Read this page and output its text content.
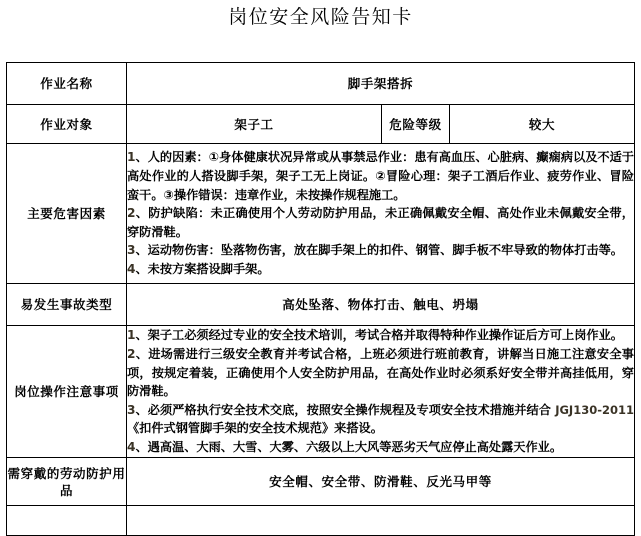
岗位安全风险告知卡
作业名称	脚手架搭拆		
作业对象	架子工	危险等级	较大
主要危害因素	1、人的因素：①身体健康状况异常或从事禁忌作业：患有高血压、心脏病、癫痫病以及不适于高处作业的人搭设脚手架，架子工无上岗证。②冒险心理：架子工酒后作业、疲劳作业、冒险蛮干。③操作错误：违章作业，未按操作规程施工。

2、防护缺陷：未正确使用个人劳动防护用品，未正确佩戴安全帽、高处作业未佩戴安全带，穿防滑鞋。

3、运动物伤害：坠落物伤害，放在脚手架上的扣件、钢管、脚手板不牢导致的物体打击等。

4、未按方案搭设脚手架。		

易发生事故类型	高处坠落、物体打击、触电、坍塌		
岗位操作注意事项	1、架子工必须经过专业的安全技术培训，考试合格并取得特种作业操作证后方可上岗作业。

2、进场需进行三级安全教育并考试合格，上班必须进行班前教育，讲解当日施工注意安全事项，按规定着装，正确使用个人安全防护用品，在高处作业时必须系好安全带并高挂低用，穿防滑鞋。

3、必须严格执行安全技术交底，按照安全操作规程及专项安全技术措施并结合 JGJ130-2011《扣件式钢管脚手架的安全技术规范》来搭设。

4、遇高温、大雨、大雪、大雾、六级以上大风等恶劣天气应停止高处露天作业。		

需穿戴的劳动防护用品	安全帽、安全带、防滑鞋、反光马甲等		
